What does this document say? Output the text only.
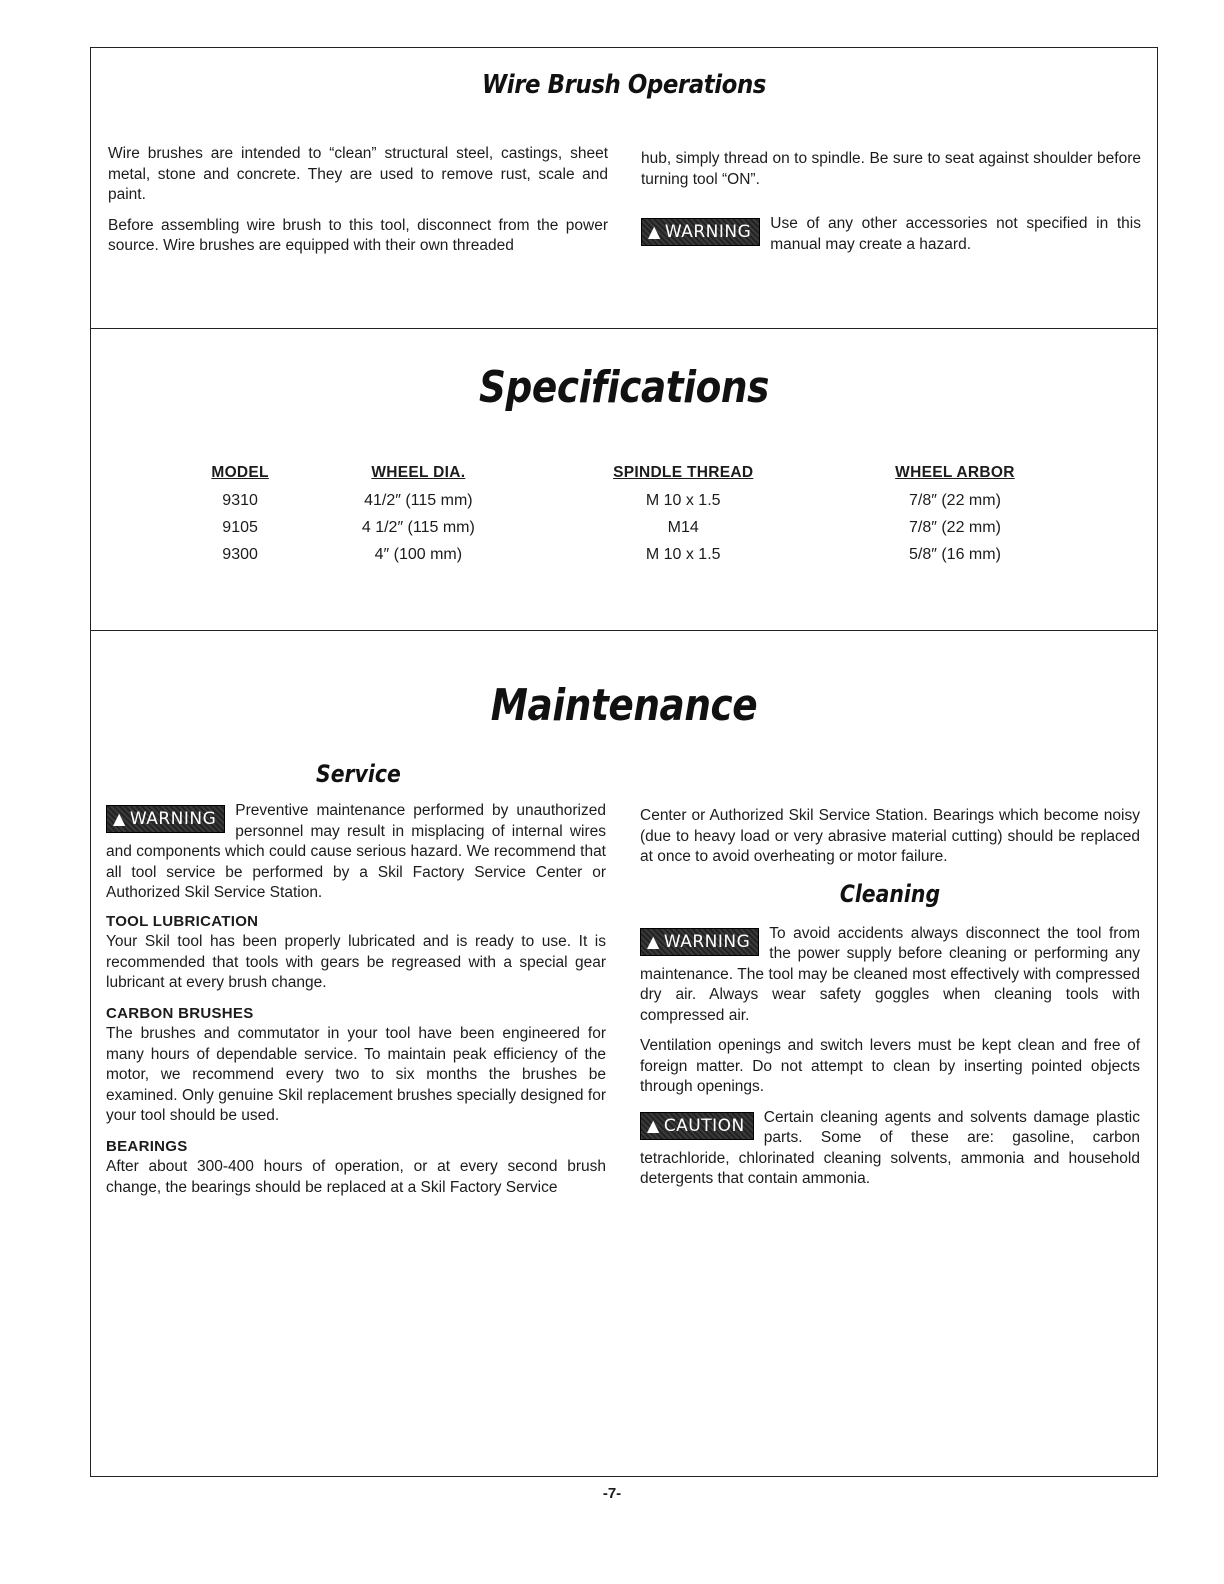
Wire Brush Operations

Wire brushes are intended to “clean” structural steel, castings, sheet metal, stone and concrete. They are used to remove rust, scale and paint.

Before assembling wire brush to this tool, disconnect from the power source. Wire brushes are equipped with their own threaded

hub, simply thread on to spindle. Be sure to seat against shoulder before turning tool “ON”.

▲ WARNING	Use of any other accessories not specified in this manual may create a hazard.
Specifications
MODEL	WHEEL DIA.	SPINDLE THREAD	WHEEL ARBOR
9310	41/2″ (115 mm)	M 10 x 1.5	7/8″ (22 mm)
9105	4 1/2″ (115 mm)	M14	7/8″ (22 mm)
9300	4″ (100 mm)	M 10 x 1.5	5/8″ (16 mm)
Maintenance
Service
▲ WARNING	Preventive maintenance performed by unauthorized personnel may result in misplacing of internal wires and components which could cause serious hazard. We recommend that all tool service be performed by a Skil Factory Service Center or Authorized Skil Service Station.
TOOL LUBRICATION

Your Skil tool has been properly lubricated and is ready to use. It is recommended that tools with gears be regreased with a special gear lubricant at every brush change.

CARBON BRUSHES

The brushes and commutator in your tool have been engineered for many hours of dependable service. To maintain peak efficiency of the motor, we recommend every two to six months the brushes be examined. Only genuine Skil replacement brushes specially designed for your tool should be used.

BEARINGS

After about 300-400 hours of operation, or at every second brush change, the bearings should be replaced at a Skil Factory Service

Center or Authorized Skil Service Station. Bearings which become noisy (due to heavy load or very abrasive material cutting) should be replaced at once to avoid overheating or motor failure.

Cleaning
▲ WARNING	To avoid accidents always disconnect the tool from the power supply before cleaning or performing any maintenance. The tool may be cleaned most effectively with compressed dry air. Always wear safety goggles when cleaning tools with compressed air.

Ventilation openings and switch levers must be kept clean and free of foreign matter. Do not attempt to clean by inserting pointed objects through openings.

▲ CAUTION	Certain cleaning agents and solvents damage plastic parts. Some of these are: gasoline, carbon tetrachloride, chlorinated cleaning solvents, ammonia and household detergents that contain ammonia.
-7-
